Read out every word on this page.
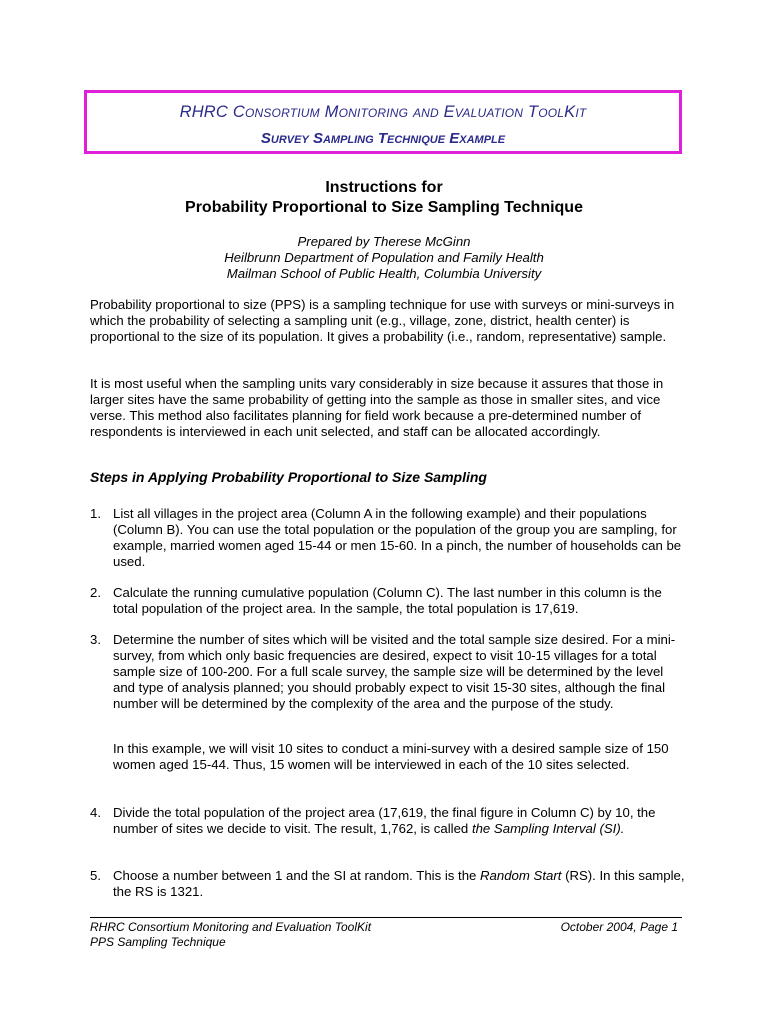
RHRC Consortium Monitoring and Evaluation ToolKit
Survey Sampling Technique Example
Instructions for
Probability Proportional to Size Sampling Technique
Prepared by Therese McGinn
Heilbrunn Department of Population and Family Health
Mailman School of Public Health, Columbia University
Probability proportional to size (PPS) is a sampling technique for use with surveys or mini-surveys in which the probability of selecting a sampling unit (e.g., village, zone, district, health center) is proportional to the size of its population. It gives a probability (i.e., random, representative) sample.
It is most useful when the sampling units vary considerably in size because it assures that those in larger sites have the same probability of getting into the sample as those in smaller sites, and vice verse. This method also facilitates planning for field work because a pre-determined number of respondents is interviewed in each unit selected, and staff can be allocated accordingly.
Steps in Applying Probability Proportional to Size Sampling
1. List all villages in the project area (Column A in the following example) and their populations (Column B). You can use the total population or the population of the group you are sampling, for example, married women aged 15-44 or men 15-60. In a pinch, the number of households can be used.
2. Calculate the running cumulative population (Column C). The last number in this column is the total population of the project area. In the sample, the total population is 17,619.
3. Determine the number of sites which will be visited and the total sample size desired. For a mini-survey, from which only basic frequencies are desired, expect to visit 10-15 villages for a total sample size of 100-200. For a full scale survey, the sample size will be determined by the level and type of analysis planned; you should probably expect to visit 15-30 sites, although the final number will be determined by the complexity of the area and the purpose of the study.
In this example, we will visit 10 sites to conduct a mini-survey with a desired sample size of 150 women aged 15-44. Thus, 15 women will be interviewed in each of the 10 sites selected.
4. Divide the total population of the project area (17,619, the final figure in Column C) by 10, the number of sites we decide to visit. The result, 1,762, is called the Sampling Interval (SI).
5. Choose a number between 1 and the SI at random. This is the Random Start (RS). In this sample, the RS is 1321.
RHRC Consortium Monitoring and Evaluation ToolKit
PPS Sampling Technique
October 2004, Page 1
